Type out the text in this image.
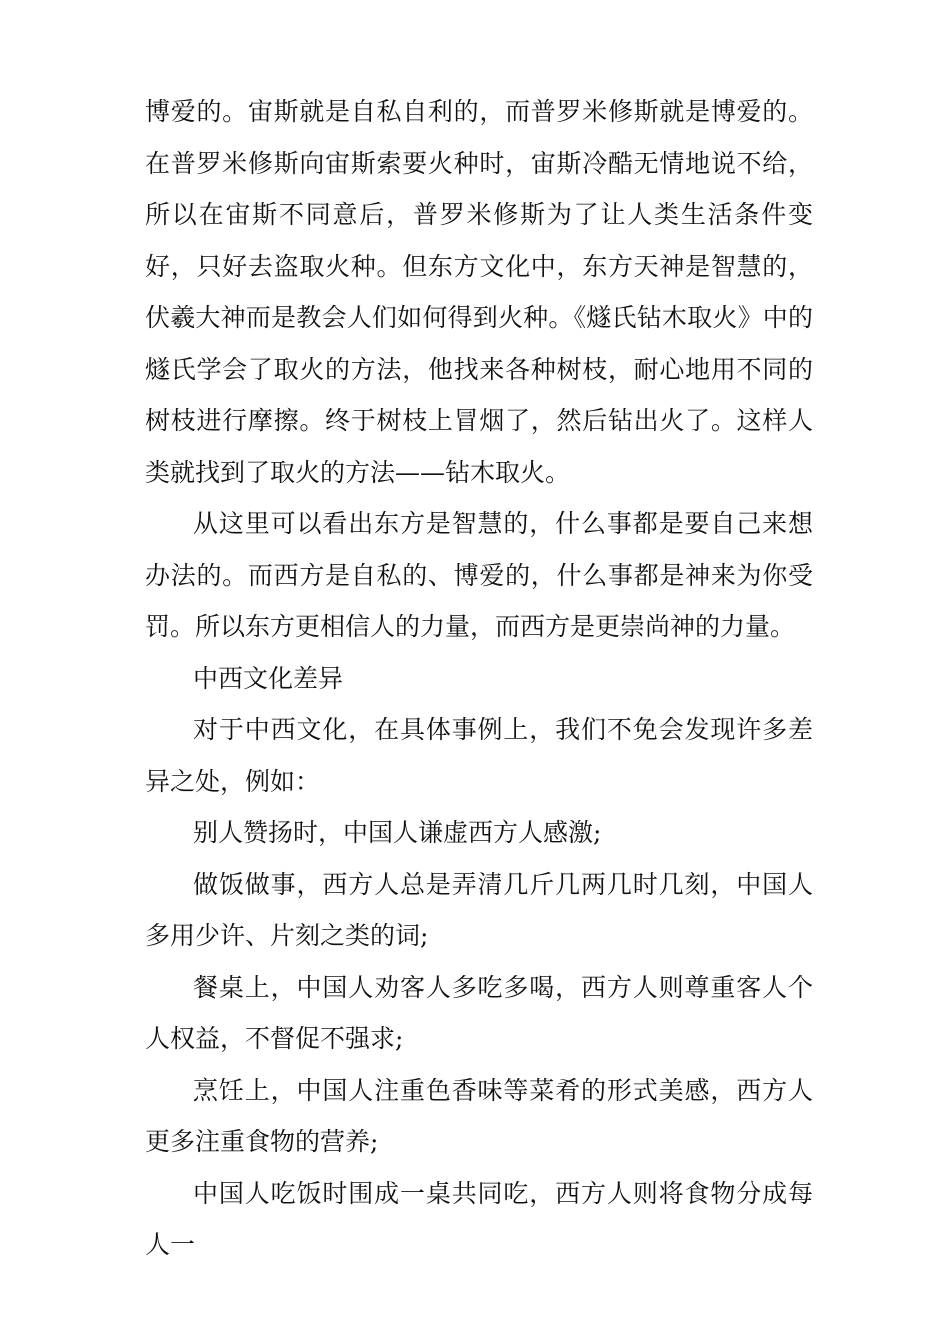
博爱的。宙斯就是自私自利的，而普罗米修斯就是博爱的。在普罗米修斯向宙斯索要火种时，宙斯冷酷无情地说不给，所以在宙斯不同意后，普罗米修斯为了让人类生活条件变好，只好去盗取火种。但东方文化中，东方天神是智慧的，伏羲大神而是教会人们如何得到火种。《燧氏钻木取火》中的燧氏学会了取火的方法，他找来各种树枝，耐心地用不同的树枝进行摩擦。终于树枝上冒烟了，然后钻出火了。这样人类就找到了取火的方法——钻木取火。

从这里可以看出东方是智慧的，什么事都是要自己来想办法的。而西方是自私的、博爱的，什么事都是神来为你受罚。所以东方更相信人的力量，而西方是更崇尚神的力量。

中西文化差异

对于中西文化，在具体事例上，我们不免会发现许多差异之处，例如：

别人赞扬时，中国人谦虚西方人感激;

做饭做事，西方人总是弄清几斤几两几时几刻，中国人多用少许、片刻之类的词;

餐桌上，中国人劝客人多吃多喝，西方人则尊重客人个人权益，不督促不强求;

烹饪上，中国人注重色香味等菜肴的形式美感，西方人更多注重食物的营养;

中国人吃饭时围成一桌共同吃，西方人则将食物分成每人一
